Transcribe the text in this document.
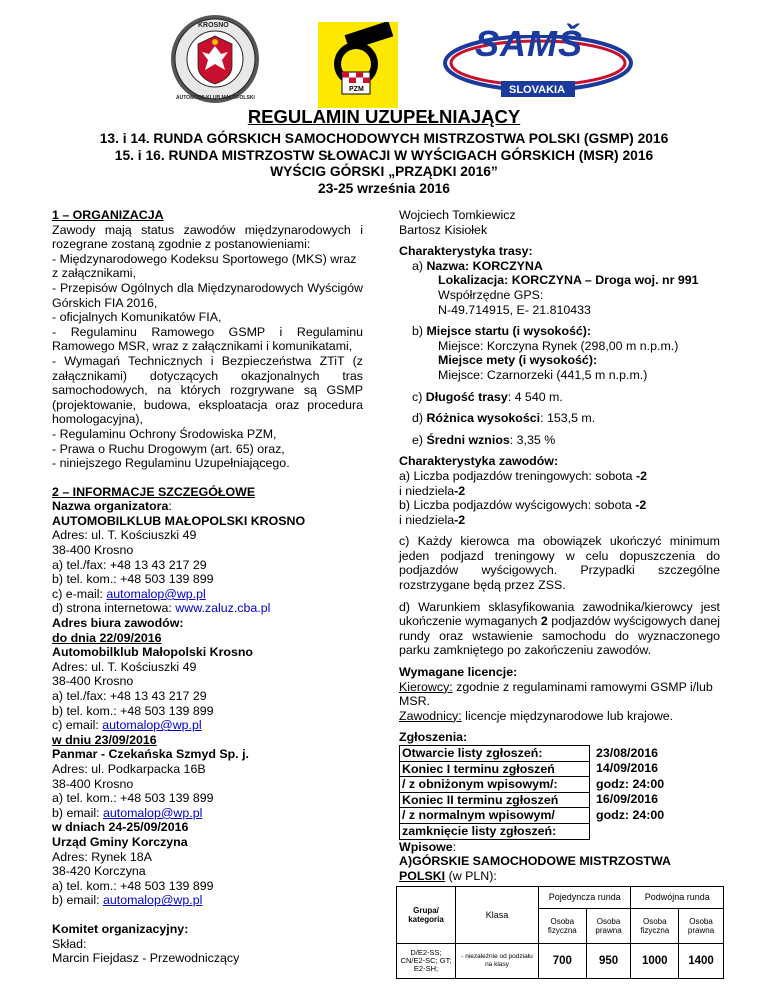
KROSNO
AUTOMOBILKLUB MAŁOPOLSKI
PZM
SAMŠ
SLOVAKIA
REGULAMIN UZUPEŁNIAJĄCY
13. i 14. RUNDA GÓRSKICH SAMOCHODOWYCH MISTRZOSTWA POLSKI (GSMP) 2016
15. i 16. RUNDA MISTRZOSTW SŁOWACJI W WYŚCIGACH GÓRSKICH (MSR) 2016
WYŚCIG GÓRSKI „PRZĄDKI 2016”
23-25 września 2016
1 – ORGANIZACJA
Zawody mają status zawodów międzynarodowych i rozegrane zostaną zgodnie z postanowieniami:
- Międzynarodowego Kodeksu Sportowego (MKS) wraz z załącznikami,
- Przepisów Ogólnych dla Międzynarodowych Wyścigów Górskich FIA 2016,
- oficjalnych Komunikatów FIA,
- Regulaminu Ramowego GSMP i Regulaminu Ramowego MSR, wraz z załącznikami i komunikatami,
- Wymagań Technicznych i Bezpieczeństwa ZTiT (z załącznikami) dotyczących okazjonalnych tras samochodowych, na których rozgrywane są GSMP (projektowanie, budowa, eksploatacja oraz procedura homologacyjna),
- Regulaminu Ochrony Środowiska PZM,
- Prawa o Ruchu Drogowym (art. 65) oraz,
- niniejszego Regulaminu Uzupełniającego.
2 – INFORMACJE SZCZEGÓŁOWE
Nazwa organizatora:
AUTOMOBILKLUB MAŁOPOLSKI KROSNO
Adres: ul. T. Kościuszki 49
38-400 Krosno
a) tel./fax: +48 13 43 217 29
b) tel. kom.: +48 503 139 899
c) e-mail: automalop@wp.pl
d) strona internetowa: www.zaluz.cba.pl
Adres biura zawodów:
do dnia 22/09/2016
Automobilklub Małopolski Krosno
Adres: ul. T. Kościuszki 49
38-400 Krosno
a) tel./fax: +48 13 43 217 29
b) tel. kom.: +48 503 139 899
c) email: automalop@wp.pl
w dniu 23/09/2016
Panmar - Czekańska Szmyd Sp. j.
Adres: ul. Podkarpacka 16B
38-400 Krosno
a) tel. kom.: +48 503 139 899
b) email: automalop@wp.pl
w dniach 24-25/09/2016
Urząd Gminy Korczyna
Adres: Rynek 18A
38-420 Korczyna
a) tel. kom.: +48 503 139 899
b) email: automalop@wp.pl
Komitet organizacyjny:
Skład:
Marcin Fiejdasz - Przewodniczący
Wojciech Tomkiewicz
Bartosz Kisiołek
Charakterystyka trasy:
a) Nazwa: KORCZYNA
Lokalizacja: KORCZYNA – Droga woj. nr 991
Współrzędne GPS:
N-49.714915, E- 21.810433
b) Miejsce startu (i wysokość):
Miejsce: Korczyna Rynek (298,00 m n.p.m.)
Miejsce mety (i wysokość):
Miejsce: Czarnorzeki (441,5 m n.p.m.)
c) Długość trasy: 4 540 m.
d) Różnica wysokości: 153,5 m.
e) Średni wznios: 3,35 %
Charakterystyka zawodów:
a) Liczba podjazdów treningowych: sobota -2
i niedziela-2
b) Liczba podjazdów wyścigowych: sobota -2
i niedziela-2
c) Każdy kierowca ma obowiązek ukończyć minimum jeden podjazd treningowy w celu dopuszczenia do podjazdów wyścigowych. Przypadki szczególne rozstrzygane będą przez ZSS.
d) Warunkiem sklasyfikowania zawodnika/kierowcy jest ukończenie wymaganych 2 podjazdów wyścigowych danej rundy oraz wstawienie samochodu do wyznaczonego parku zamkniętego po zakończeniu zawodów.
Wymagane licencje:
Kierowcy: zgodnie z regulaminami ramowymi GSMP i/lub MSR.
Zawodnicy: licencje międzynarodowe lub krajowe.
Zgłoszenia:
Otwarcie listy zgłoszeń:	23/08/2016
Koniec I terminu zgłoszeń	14/09/2016
/ z obniżonym wpisowym/:	godz: 24:00
Koniec II terminu zgłoszeń	16/09/2016
/ z normalnym wpisowym/	godz: 24:00
zamknięcie listy zgłoszeń:	
Wpisowe:
A)GÓRSKIE SAMOCHODOWE MISTRZOSTWA
POLSKI (w PLN):
Grupa/ kategoria	Klasa	Pojedyncza runda		Podwójna runda	
		Osoba fizyczna	Osoba prawna	Osoba fizyczna	Osoba prawna
D/E2-SS; CN/E2-SC; GT; E2-SH;	- niezależnie od podziału na klasy	700	950	1000	1400
